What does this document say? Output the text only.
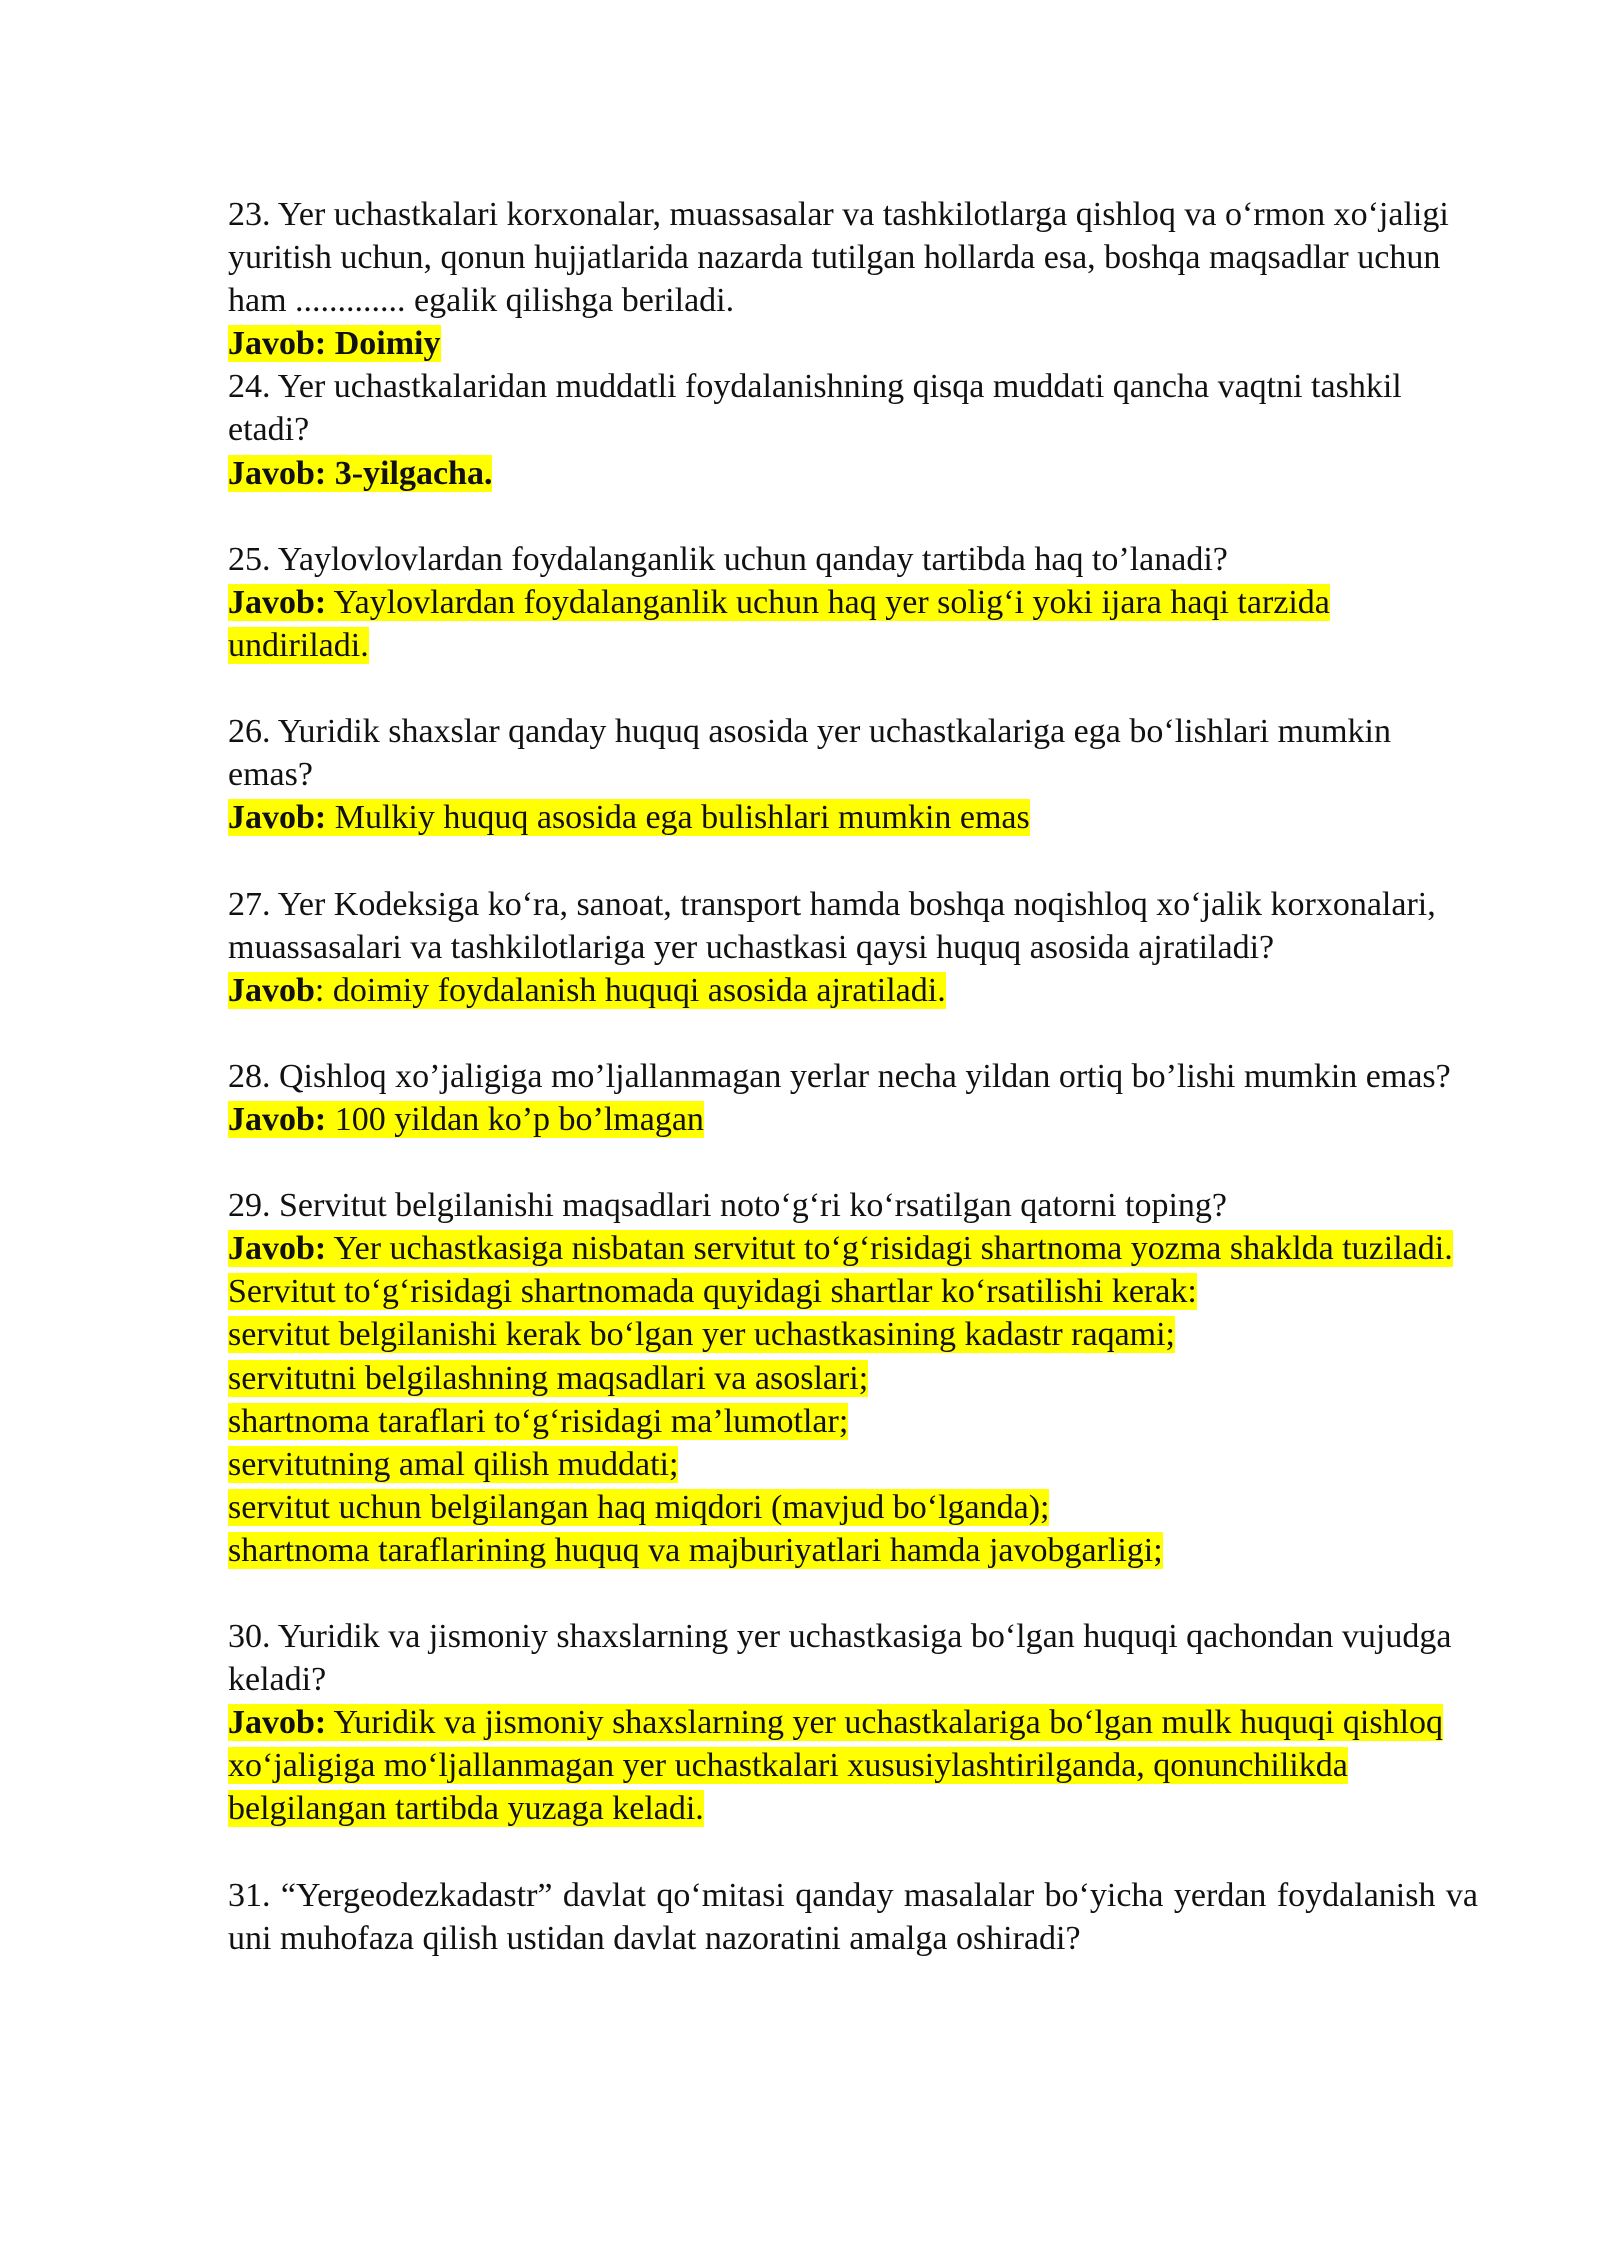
23. Yer uchastkalari korxonalar, muassasalar va tashkilotlarga qishloq va o‘rmon xo‘jaligi yuritish uchun, qonun hujjatlarida nazarda tutilgan hollarda esa, boshqa maqsadlar uchun ham ............. egalik qilishga beriladi.

Javob: Doimiy

24. Yer uchastkalaridan muddatli foydalanishning qisqa muddati qancha vaqtni tashkil etadi?

Javob: 3-yilgacha.

25. Yaylovlovlardan foydalanganlik uchun qanday tartibda haq to’lanadi?

Javob: Yaylovlardan foydalanganlik uchun haq yer solig‘i yoki ijara haqi tarzida undiriladi.

26. Yuridik shaxslar qanday huquq asosida yer uchastkalariga ega bo‘lishlari mumkin emas?

Javob: Mulkiy huquq asosida ega bulishlari mumkin emas

27. Yer Kodeksiga ko‘ra, sanoat, transport hamda boshqa noqishloq xo‘jalik korxonalari, muassasalari va tashkilotlariga yer uchastkasi qaysi huquq asosida ajratiladi?

Javob: doimiy foydalanish huquqi asosida ajratiladi.

28. Qishloq xo’jaligiga mo’ljallanmagan yerlar necha yildan ortiq bo’lishi mumkin emas?

Javob: 100 yildan ko’p bo’lmagan

29. Servitut belgilanishi maqsadlari noto‘g‘ri ko‘rsatilgan qatorni toping?

Javob: Yer uchastkasiga nisbatan servitut to‘g‘risidagi shartnoma yozma shaklda tuziladi.

Servitut to‘g‘risidagi shartnomada quyidagi shartlar ko‘rsatilishi kerak:

servitut belgilanishi kerak bo‘lgan yer uchastkasining kadastr raqami;

servitutni belgilashning maqsadlari va asoslari;

shartnoma taraflari to‘g‘risidagi ma’lumotlar;

servitutning amal qilish muddati;

servitut uchun belgilangan haq miqdori (mavjud bo‘lganda);

shartnoma taraflarining huquq va majburiyatlari hamda javobgarligi;

30. Yuridik va jismoniy shaxslarning yer uchastkasiga bo‘lgan huquqi qachondan vujudga keladi?

Javob: Yuridik va jismoniy shaxslarning yer uchastkalariga bo‘lgan mulk huquqi qishloq xo‘jaligiga mo‘ljallanmagan yer uchastkalari xususiylashtirilganda, qonunchilikda belgilangan tartibda yuzaga keladi.

31. “Yergeodezkadastr” davlat qo‘mitasi qanday masalalar bo‘yicha yerdan foydalanish va uni muhofaza qilish ustidan davlat nazoratini amalga oshiradi?
